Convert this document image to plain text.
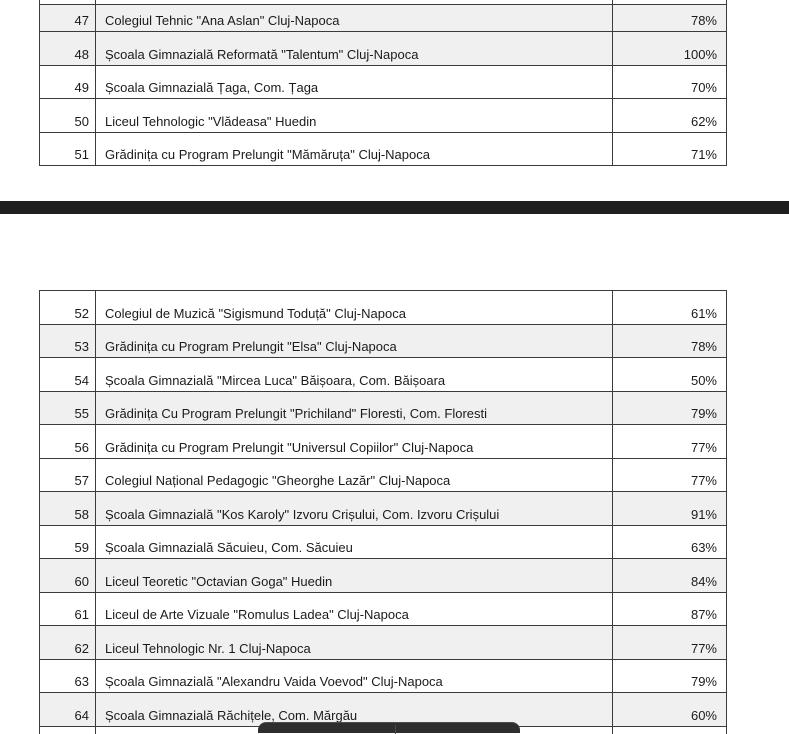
47	Colegiul Tehnic "Ana Aslan" Cluj-Napoca	78%
48	Școala Gimnazială Reformată "Talentum" Cluj-Napoca	100%
49	Școala Gimnazială Țaga, Com. Țaga	70%
50	Liceul Tehnologic "Vlădeasa" Huedin	62%
51	Grădinița cu Program Prelungit "Mămăruța" Cluj-Napoca	71%
52	Colegiul de Muzică "Sigismund Toduță" Cluj-Napoca	61%
53	Grădinița cu Program Prelungit "Elsa" Cluj-Napoca	78%
54	Școala Gimnazială "Mircea Luca" Băișoara, Com. Băișoara	50%
55	Grădinița Cu Program Prelungit "Prichiland" Floresti, Com. Floresti	79%
56	Grădinița cu Program Prelungit "Universul Copiilor" Cluj-Napoca	77%
57	Colegiul Național Pedagogic "Gheorghe Lazăr" Cluj-Napoca	77%
58	Școala Gimnazială "Kos Karoly" Izvoru Crișului, Com. Izvoru Crișului	91%
59	Școala Gimnazială Săcuieu, Com. Săcuieu	63%
60	Liceul Teoretic "Octavian Goga" Huedin	84%
61	Liceul de Arte Vizuale "Romulus Ladea" Cluj-Napoca	87%
62	Liceul Tehnologic Nr. 1 Cluj-Napoca	77%
63	Școala Gimnazială "Alexandru Vaida Voevod" Cluj-Napoca	79%
64	Școala Gimnazială Răchițele, Com. Mărgău	60%
